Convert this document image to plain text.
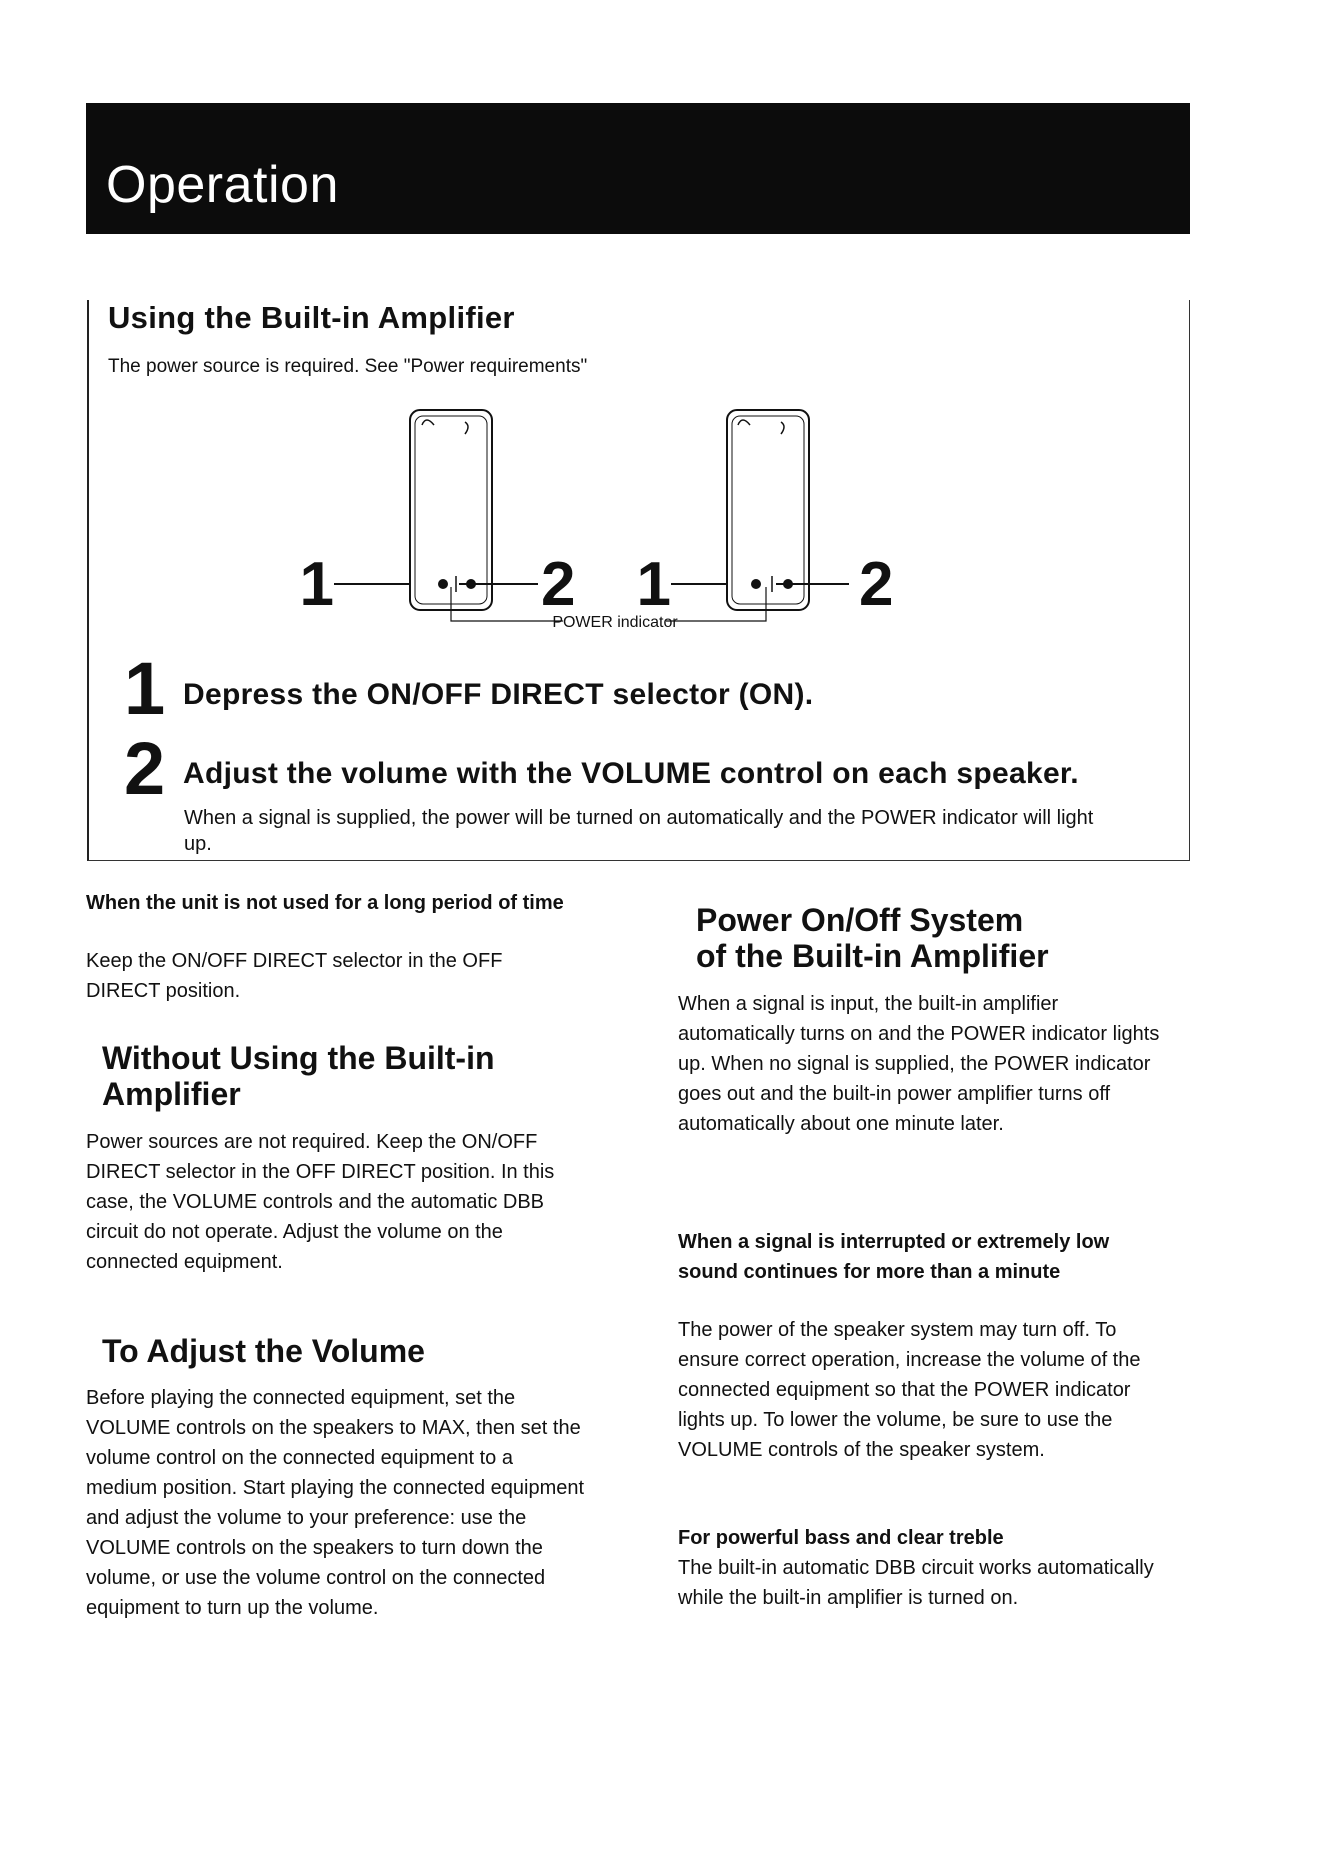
Operation
Using the Built-in Amplifier

The power source is required. See "Power requirements"

1	2 1	2
POWER indicator
1 Depress the ON/OFF DIRECT selector (ON).

2 Adjust the volume with the VOLUME control on each speaker.

When a signal is supplied, the power will be turned on automatically and the POWER indicator will light up.

When the unit is not used for a long period of time

Keep the ON/OFF DIRECT selector in the OFF DIRECT position.

Without Using the Built-in Amplifier

Power sources are not required. Keep the ON/OFF DIRECT selector in the OFF DIRECT position. In this case, the VOLUME controls and the automatic DBB circuit do not operate. Adjust the volume on the connected equipment.

To Adjust the Volume

Before playing the connected equipment, set the VOLUME controls on the speakers to MAX, then set the volume control on the connected equipment to a medium position. Start playing the connected equipment and adjust the volume to your preference: use the VOLUME controls on the speakers to turn down the volume, or use the volume control on the connected equipment to turn up the volume.

Power On/Off System
of the Built-in Amplifier

When a signal is input, the built-in amplifier automatically turns on and the POWER indicator lights up. When no signal is supplied, the POWER indicator goes out and the built-in power amplifier turns off automatically about one minute later.

When a signal is interrupted or extremely low sound continues for more than a minute

The power of the speaker system may turn off. To ensure correct operation, increase the volume of the connected equipment so that the POWER indicator lights up. To lower the volume, be sure to use the VOLUME controls of the speaker system.

For powerful bass and clear treble

The built-in automatic DBB circuit works automatically while the built-in amplifier is turned on.
